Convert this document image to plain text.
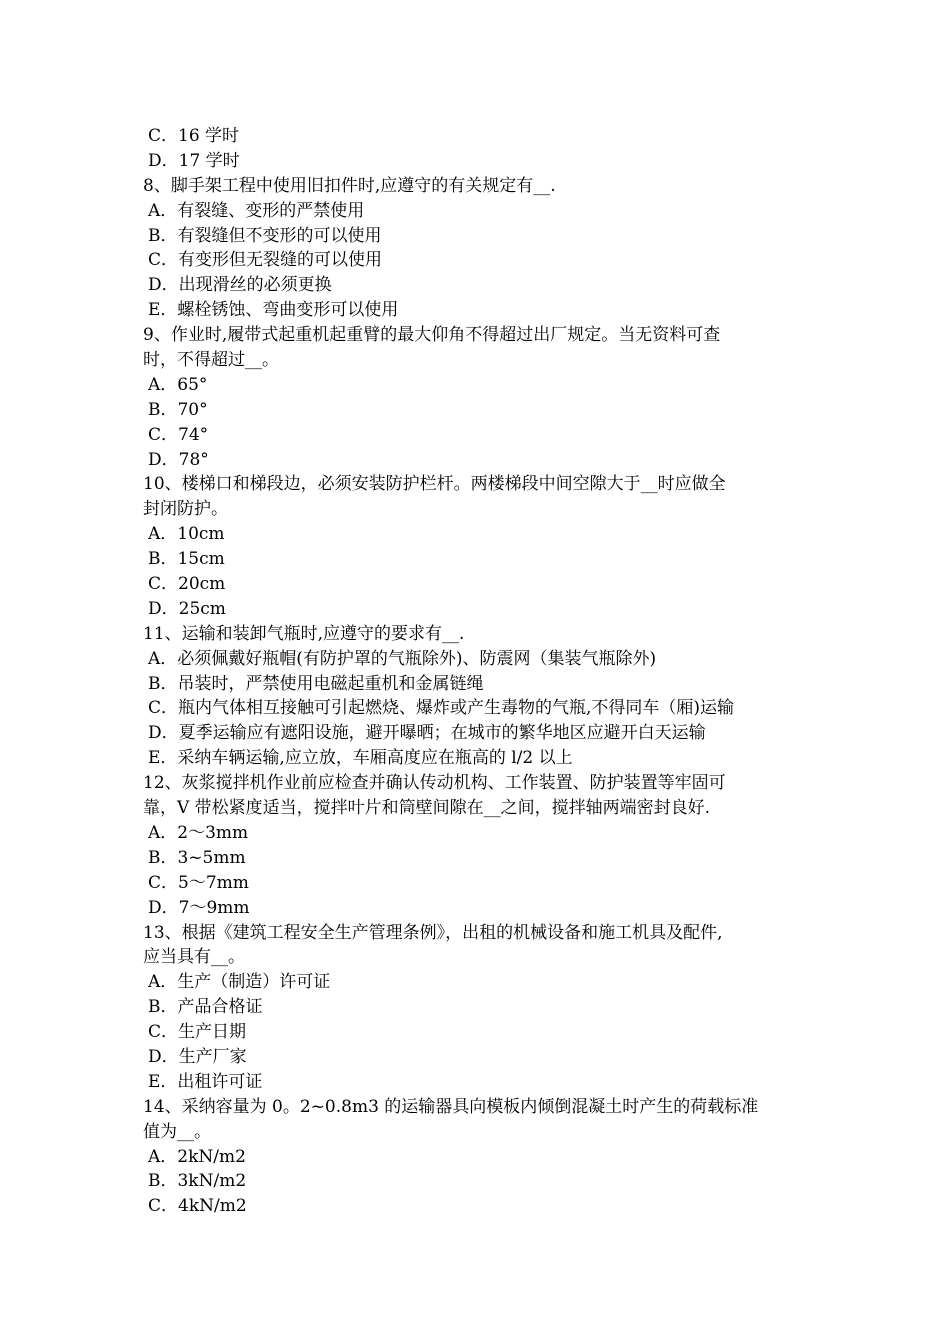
C．16 学时
D．17 学时
8、脚手架工程中使用旧扣件时,应遵守的有关规定有__.
A．有裂缝、变形的严禁使用
B．有裂缝但不变形的可以使用
C．有变形但无裂缝的可以使用
D．出现滑丝的必须更换
E．螺栓锈蚀、弯曲变形可以使用
9、作业时,履带式起重机起重臂的最大仰角不得超过出厂规定。当无资料可查
时，不得超过__。
A．65°
B．70°
C．74°
D．78°
10、楼梯口和梯段边，必须安装防护栏杆。两楼梯段中间空隙大于__时应做全
封闭防护。
A．10cm
B．15cm
C．20cm
D．25cm
11、运输和装卸气瓶时,应遵守的要求有__.
A．必须佩戴好瓶帽(有防护罩的气瓶除外)、防震网（集装气瓶除外)
B．吊装时，严禁使用电磁起重机和金属链绳
C．瓶内气体相互接触可引起燃烧、爆炸或产生毒物的气瓶,不得同车（厢)运输
D．夏季运输应有遮阳设施，避开曝晒；在城市的繁华地区应避开白天运输
E．采纳车辆运输,应立放，车厢高度应在瓶高的 l/2 以上
12、灰浆搅拌机作业前应检查并确认传动机构、工作装置、防护装置等牢固可
靠，V 带松紧度适当，搅拌叶片和筒壁间隙在__之间，搅拌轴两端密封良好.
A．2～3mm
B．3~5mm
C．5～7mm
D．7～9mm
13、根据《建筑工程安全生产管理条例》，出租的机械设备和施工机具及配件,
应当具有__。
A．生产（制造）许可证
B．产品合格证
C．生产日期
D．生产厂家
E．出租许可证
14、采纳容量为 0。2~0.8m3 的运输器具向模板内倾倒混凝土时产生的荷载标准
值为__。
A．2kN/m2
B．3kN/m2
C．4kN/m2
